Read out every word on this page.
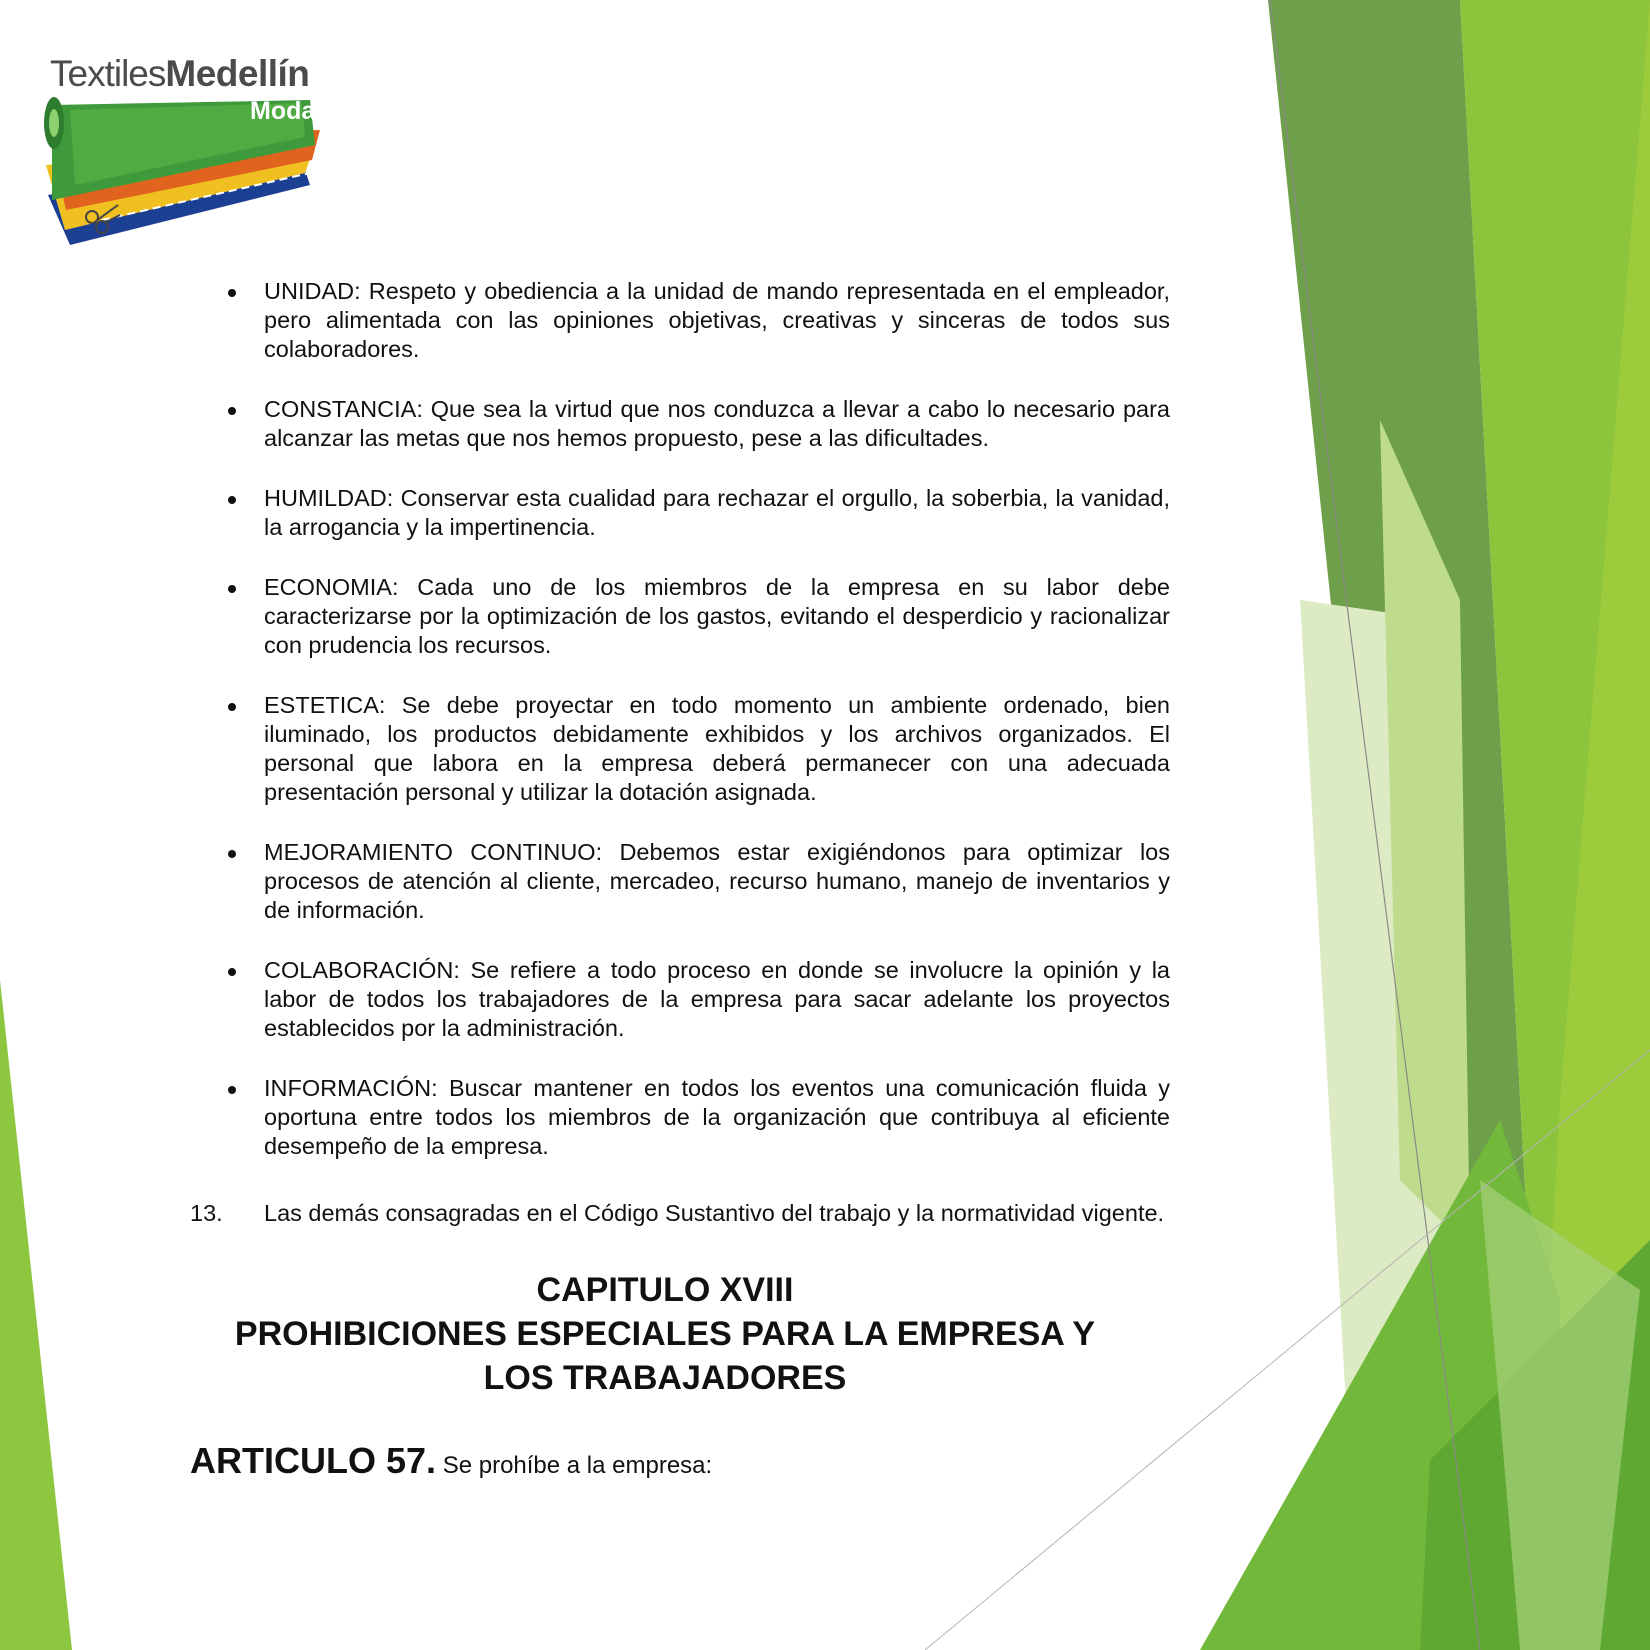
TextilesMedellín
Moda
UNIDAD: Respeto y obediencia a la unidad de mando representada en el empleador, pero alimentada con las opiniones objetivas, creativas y sinceras de todos sus colaboradores.
CONSTANCIA: Que sea la virtud que nos conduzca a llevar a cabo lo necesario para alcanzar las metas que nos hemos propuesto, pese a las dificultades.
HUMILDAD: Conservar esta cualidad para rechazar el orgullo, la soberbia, la vanidad, la arrogancia y la impertinencia.
ECONOMIA: Cada uno de los miembros de la empresa en su labor debe caracterizarse por la optimización de los gastos, evitando el desperdicio y racionalizar con prudencia los recursos.
ESTETICA: Se debe proyectar en todo momento un ambiente ordenado, bien iluminado, los productos debidamente exhibidos y los archivos organizados. El personal que labora en la empresa deberá permanecer con una adecuada presentación personal y utilizar la dotación asignada.
MEJORAMIENTO CONTINUO: Debemos estar exigiéndonos para optimizar los procesos de atención al cliente, mercadeo, recurso humano, manejo de inventarios y de información.
COLABORACIÓN: Se refiere a todo proceso en donde se involucre la opinión y la labor de todos los trabajadores de la empresa para sacar adelante los proyectos establecidos por la administración.
INFORMACIÓN: Buscar mantener en todos los eventos una comunicación fluida y oportuna entre todos los miembros de la organización que contribuya al eficiente desempeño de la empresa.
13.	Las demás consagradas en el Código Sustantivo del trabajo y la normatividad vigente.
CAPITULO XVIII
PROHIBICIONES ESPECIALES PARA LA EMPRESA Y
LOS TRABAJADORES
ARTICULO 57. Se prohíbe a la empresa:
